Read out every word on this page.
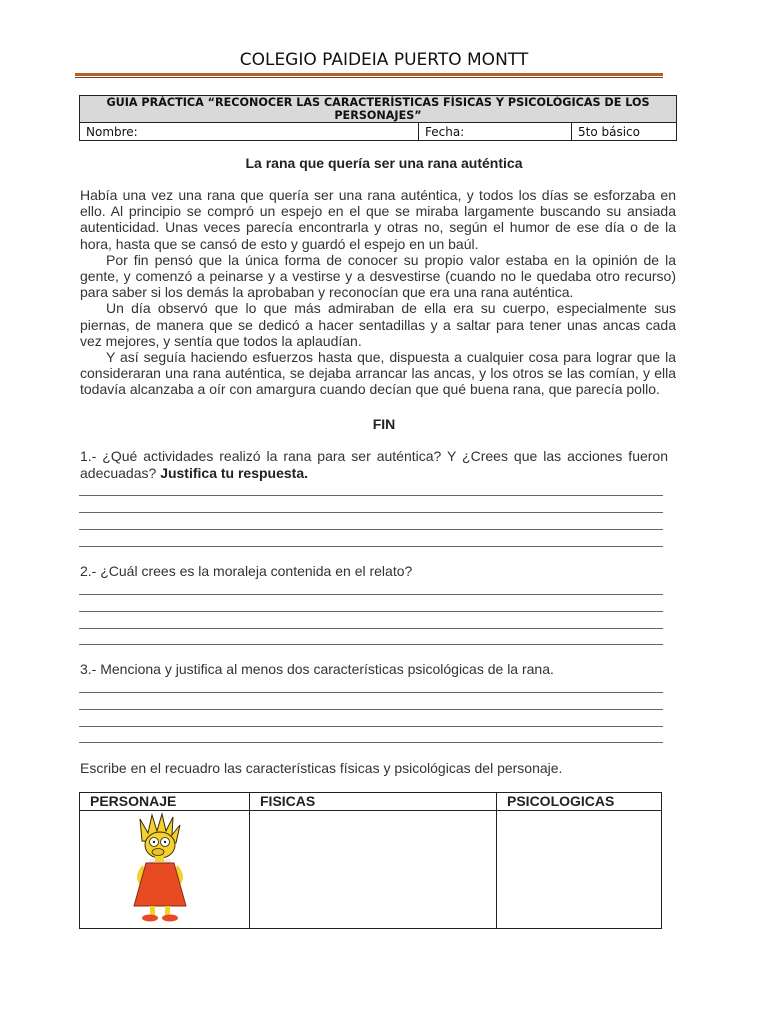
COLEGIO PAIDEIA PUERTO MONTT
GUIA PRÁCTICA “RECONOCER LAS CARACTERÍSTICAS FÍSICAS Y PSICOLÓGICAS DE LOS PERSONAJES”
Nombre:	Fecha:	5to básico
La rana que quería ser una rana auténtica

Había una vez una rana que quería ser una rana auténtica, y todos los días se esforzaba en ello. Al principio se compró un espejo en el que se miraba largamente buscando su ansiada autenticidad. Unas veces parecía encontrarla y otras no, según el humor de ese día o de la hora, hasta que se cansó de esto y guardó el espejo en un baúl.

Por fin pensó que la única forma de conocer su propio valor estaba en la opinión de la gente, y comenzó a peinarse y a vestirse y a desvestirse (cuando no le quedaba otro recurso) para saber si los demás la aprobaban y reconocían que era una rana auténtica.

Un día observó que lo que más admiraban de ella era su cuerpo, especialmente sus piernas, de manera que se dedicó a hacer sentadillas y a saltar para tener unas ancas cada vez mejores, y sentía que todos la aplaudían.

Y así seguía haciendo esfuerzos hasta que, dispuesta a cualquier cosa para lograr que la consideraran una rana auténtica, se dejaba arrancar las ancas, y los otros se las comían, y ella todavía alcanzaba a oír con amargura cuando decían que qué buena rana, que parecía pollo.

FIN
1.- ¿Qué actividades realizó la rana para ser auténtica? Y ¿Crees que las acciones fueron adecuadas? Justifica tu respuesta.
2.- ¿Cuál crees es la moraleja contenida en el relato?
3.- Menciona y justifica al menos dos características psicológicas de la rana.
Escribe en el recuadro las características físicas y psicológicas del personaje.
PERSONAJE	FISICAS	PSICOLOGICAS
